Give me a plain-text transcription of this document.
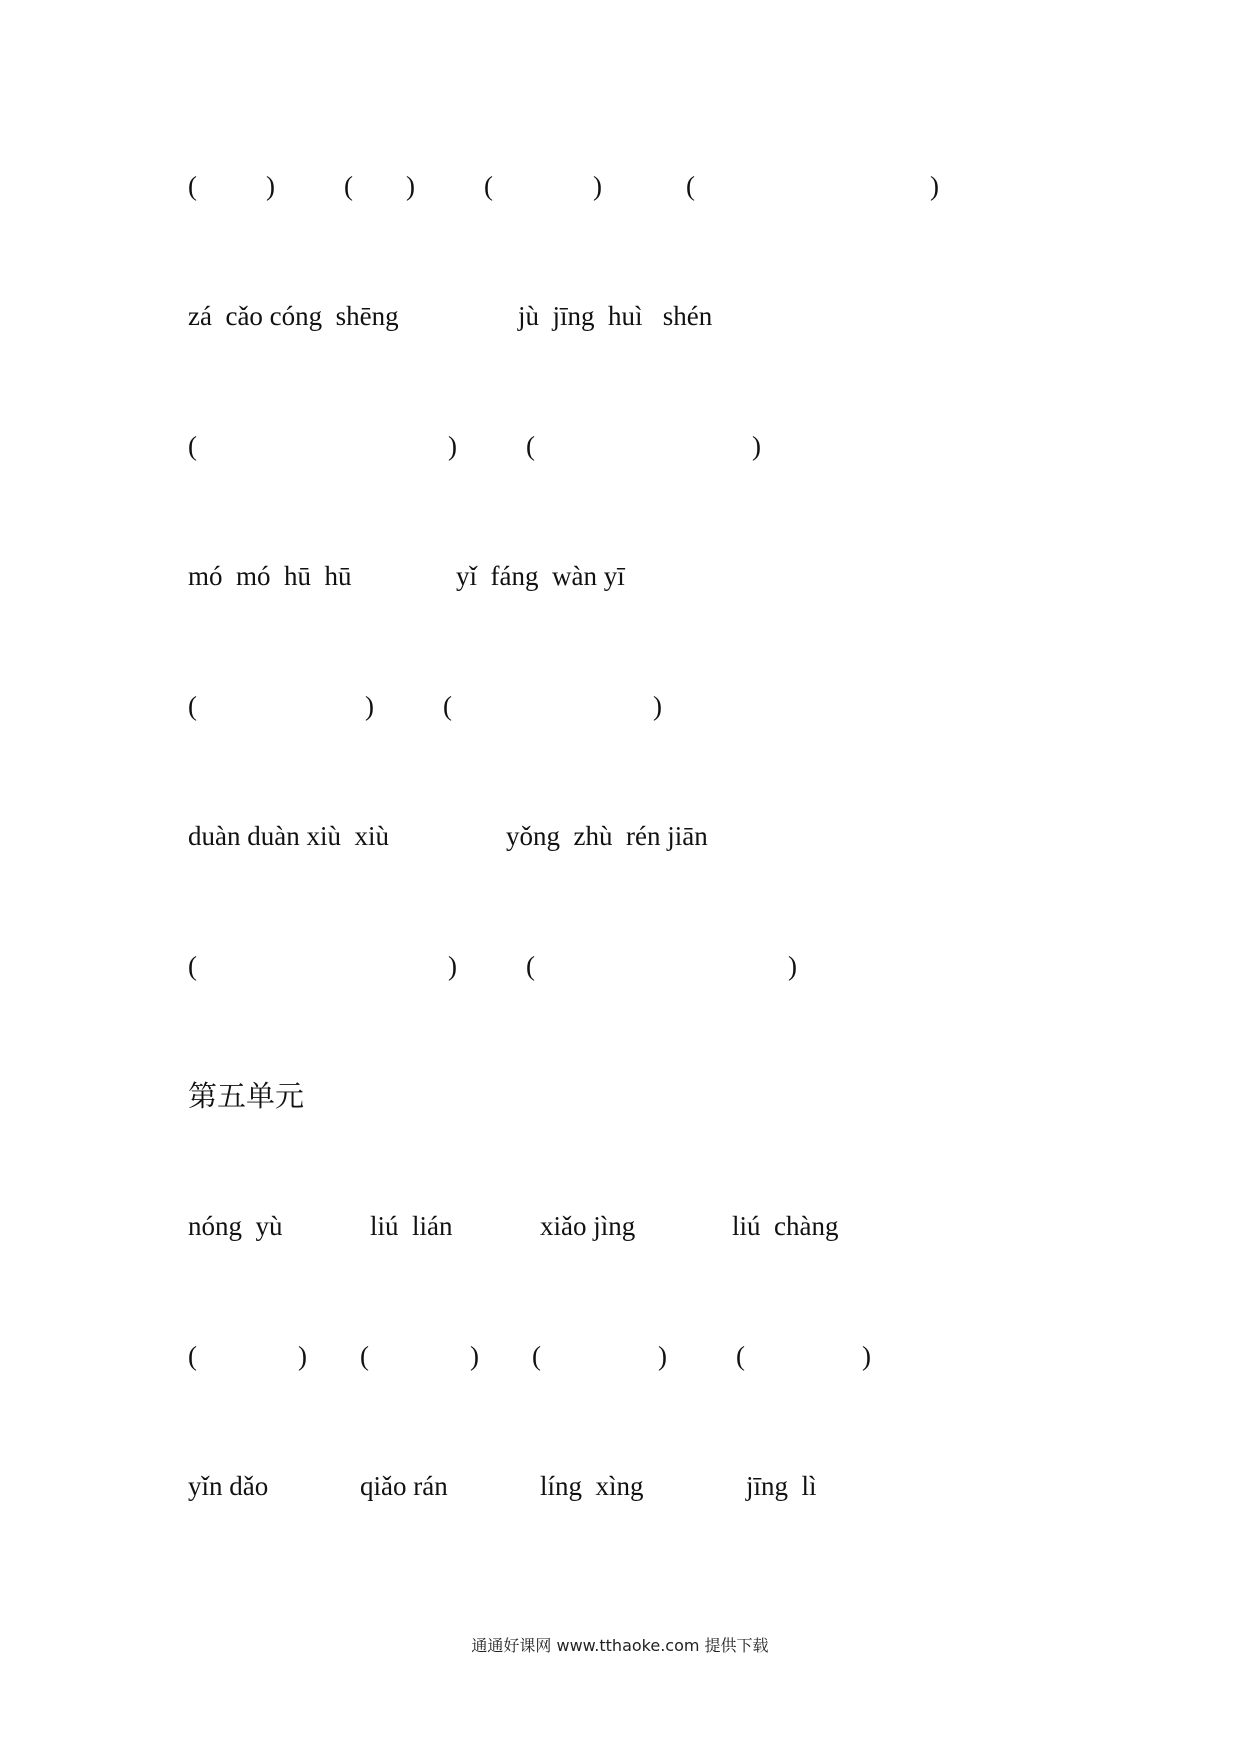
(	)	( )	(	)	(	)
zá  cǎo cóng  shēng	jù  jīng  huì   shén
(	)	(	)
mó  mó  hū  hū	yǐ  fáng  wàn yī
(	)	(	)
duàn duàn xiù  xiù	yǒng  zhù  rén jiān
(	)	(	)
第五单元
nóng  yù	liú  lián	xiǎo jìng	liú  chàng
(	) (	) (	)	(	)
yǐn dǎo	qiǎo rán	líng  xìng	jīng  lì
通通好课网 www.tthaoke.com 提供下载
